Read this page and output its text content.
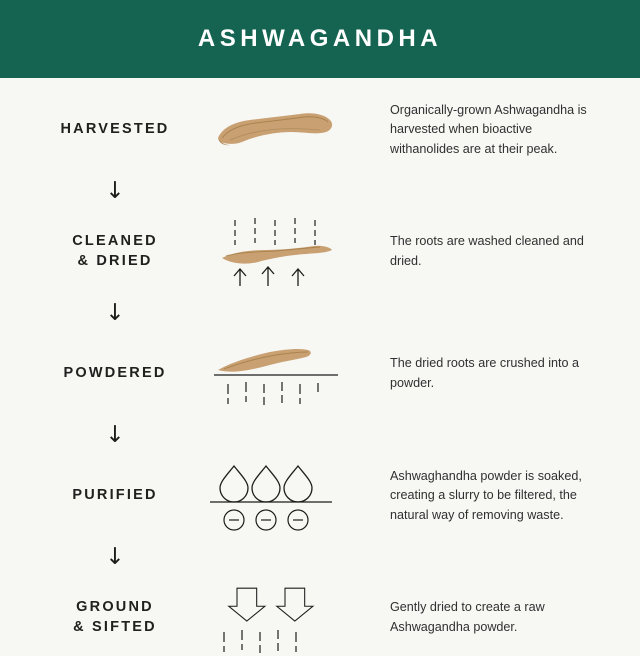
ASHWAGANDHA
HARVESTED
Organically-grown Ashwagandha is harvested when bioactive withanolides are at their peak.
↓
CLEANED
& DRIED
The roots are washed cleaned and dried.
↓
POWDERED
The dried roots are crushed into a powder.
↓
PURIFIED
Ashwaghandha powder is soaked, creating a slurry to be filtered, the natural way of removing waste.
↓
GROUND
& SIFTED
Gently dried to create a raw Ashwagandha powder.
